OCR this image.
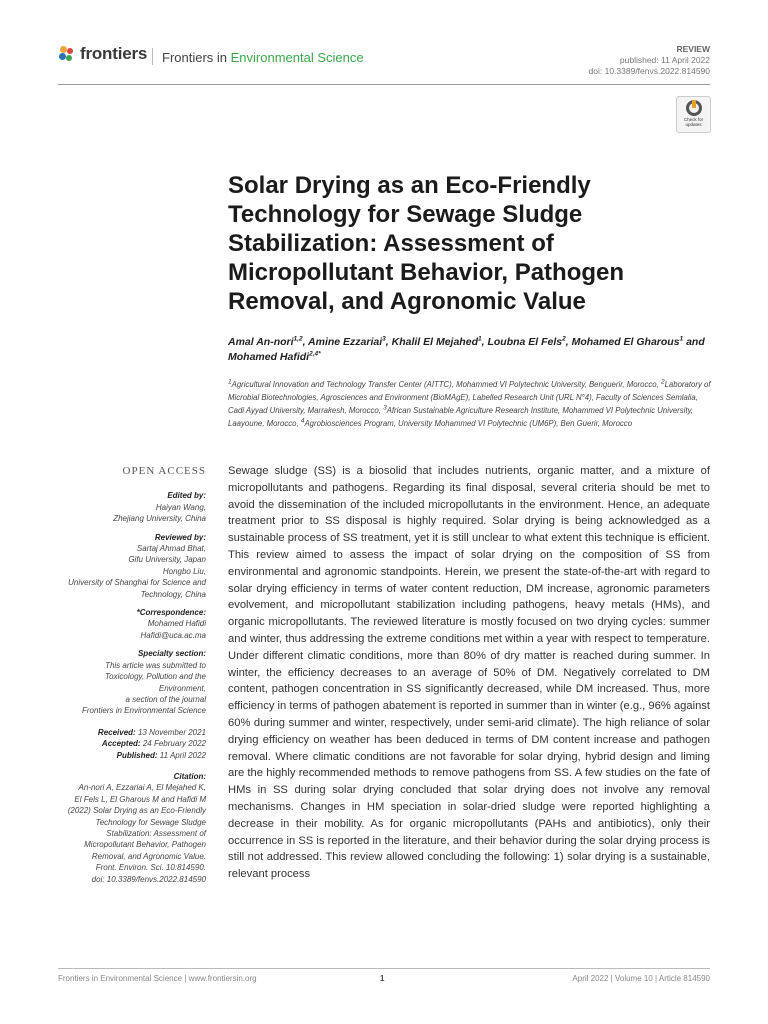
frontiers Frontiers in Environmental Science
REVIEW
published: 11 April 2022
doi: 10.3389/fenvs.2022.814590
Check for updates
Solar Drying as an Eco-Friendly Technology for Sewage Sludge Stabilization: Assessment of Micropollutant Behavior, Pathogen Removal, and Agronomic Value
Amal An-nori$^{1,2}$, Amine Ezzariai$^3$, Khalil El Mejahed$^1$, Loubna El Fels$^2$, Mohamed El Gharous$^1$ and Mohamed Hafidi$^{2,4*}$
$^1$Agricultural Innovation and Technology Transfer Center (AITTC), Mohammed VI Polytechnic University, Benguerir, Morocco, $^2$Laboratory of Microbial Biotechnologies, Agrosciences and Environment (BioMAgE), Labelled Research Unit (URL N°4), Faculty of Sciences Semlalia, Cadi Ayyad University, Marrakesh, Morocco, $^3$African Sustainable Agriculture Research Institute, Mohammed VI Polytechnic University, Laayoune, Morocco, $^4$Agrobiosciences Program, University Mohammed VI Polytechnic (UM6P), Ben Guerir, Morocco
OPEN ACCESS
Edited by:
Haiyan Wang,
Zhejiang University, China
Reviewed by:
Sartaj Ahmad Bhat,
Gifu University, Japan
Hongbo Liu,
University of Shanghai for Science and
Technology, China
*Correspondence:
Mohamed Hafidi
Hafidi@uca.ac.ma
Specialty section:
This article was submitted to
Toxicology, Pollution and the
Environment,
a section of the journal
Frontiers in Environmental Science
Received: 13 November 2021
Accepted: 24 February 2022
Published: 11 April 2022
Citation:
An-nori A, Ezzariai A, El Mejahed K,
El Fels L, El Gharous M and Hafidi M
(2022) Solar Drying as an Eco-Friendly
Technology for Sewage Sludge
Stabilization: Assessment of
Micropollutant Behavior, Pathogen
Removal, and Agronomic Value.
Front. Environ. Sci. 10:814590.
doi: 10.3389/fenvs.2022.814590

Sewage sludge (SS) is a biosolid that includes nutrients, organic matter, and a mixture of micropollutants and pathogens. Regarding its final disposal, several criteria should be met to avoid the dissemination of the included micropollutants in the environment. Hence, an adequate treatment prior to SS disposal is highly required. Solar drying is being acknowledged as a sustainable process of SS treatment, yet it is still unclear to what extent this technique is efficient. This review aimed to assess the impact of solar drying on the composition of SS from environmental and agronomic standpoints. Herein, we present the state-of-the-art with regard to solar drying efficiency in terms of water content reduction, DM increase, agronomic parameters evolvement, and micropollutant stabilization including pathogens, heavy metals (HMs), and organic micropollutants. The reviewed literature is mostly focused on two drying cycles: summer and winter, thus addressing the extreme conditions met within a year with respect to temperature. Under different climatic conditions, more than 80% of dry matter is reached during summer. In winter, the efficiency decreases to an average of 50% of DM. Negatively correlated to DM content, pathogen concentration in SS significantly decreased, while DM increased. Thus, more efficiency in terms of pathogen abatement is reported in summer than in winter (e.g., 96% against 60% during summer and winter, respectively, under semi-arid climate). The high reliance of solar drying efficiency on weather has been deduced in terms of DM content increase and pathogen removal. Where climatic conditions are not favorable for solar drying, hybrid design and liming are the highly recommended methods to remove pathogens from SS. A few studies on the fate of HMs in SS during solar drying concluded that solar drying does not involve any removal mechanisms. Changes in HM speciation in solar-dried sludge were reported highlighting a decrease in their mobility. As for organic micropollutants (PAHs and antibiotics), only their occurrence in SS is reported in the literature, and their behavior during the solar drying process is still not addressed. This review allowed concluding the following: 1) solar drying is a sustainable, relevant process

Frontiers in Environmental Science | www.frontiersin.org	1	April 2022 | Volume 10 | Article 814590
